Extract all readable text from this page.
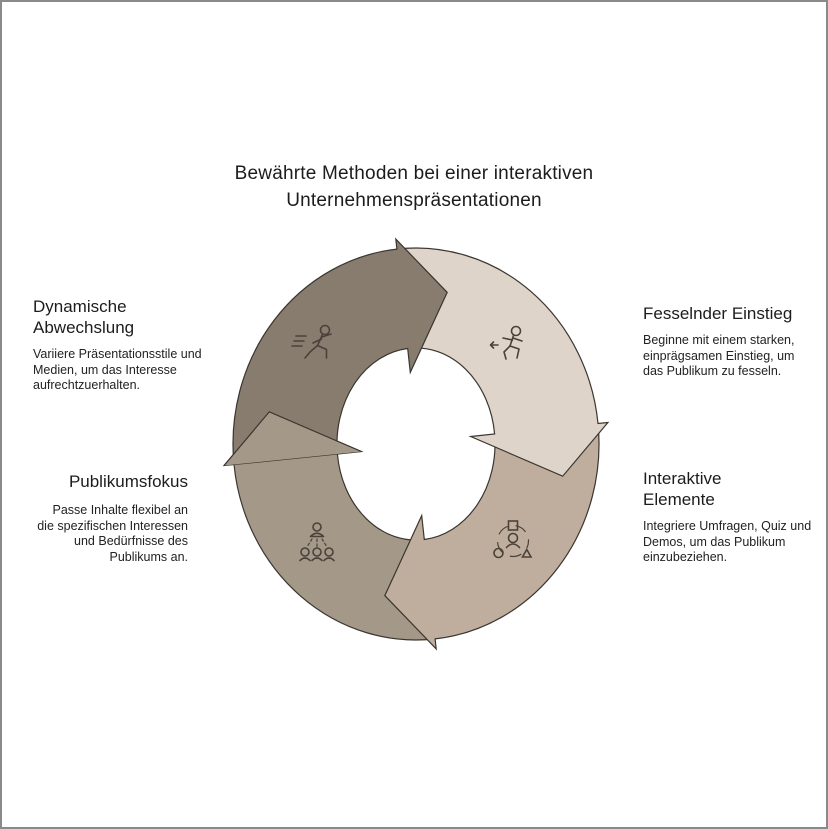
Bewährte Methoden bei einer interaktiven
Unternehmenspräsentationen
Dynamische Abwechslung

Variiere Präsentationsstile und Medien, um das Interesse aufrechtzuerhalten.

Fesselnder Einstieg

Beginne mit einem starken, einprägsamen Einstieg, um das Publikum zu fesseln.

Interaktive Elemente

Integriere Umfragen, Quiz und Demos, um das Publikum einzubeziehen.

Publikumsfokus

Passe Inhalte flexibel an die spezifischen Interessen und Bedürfnisse des Publikums an.
